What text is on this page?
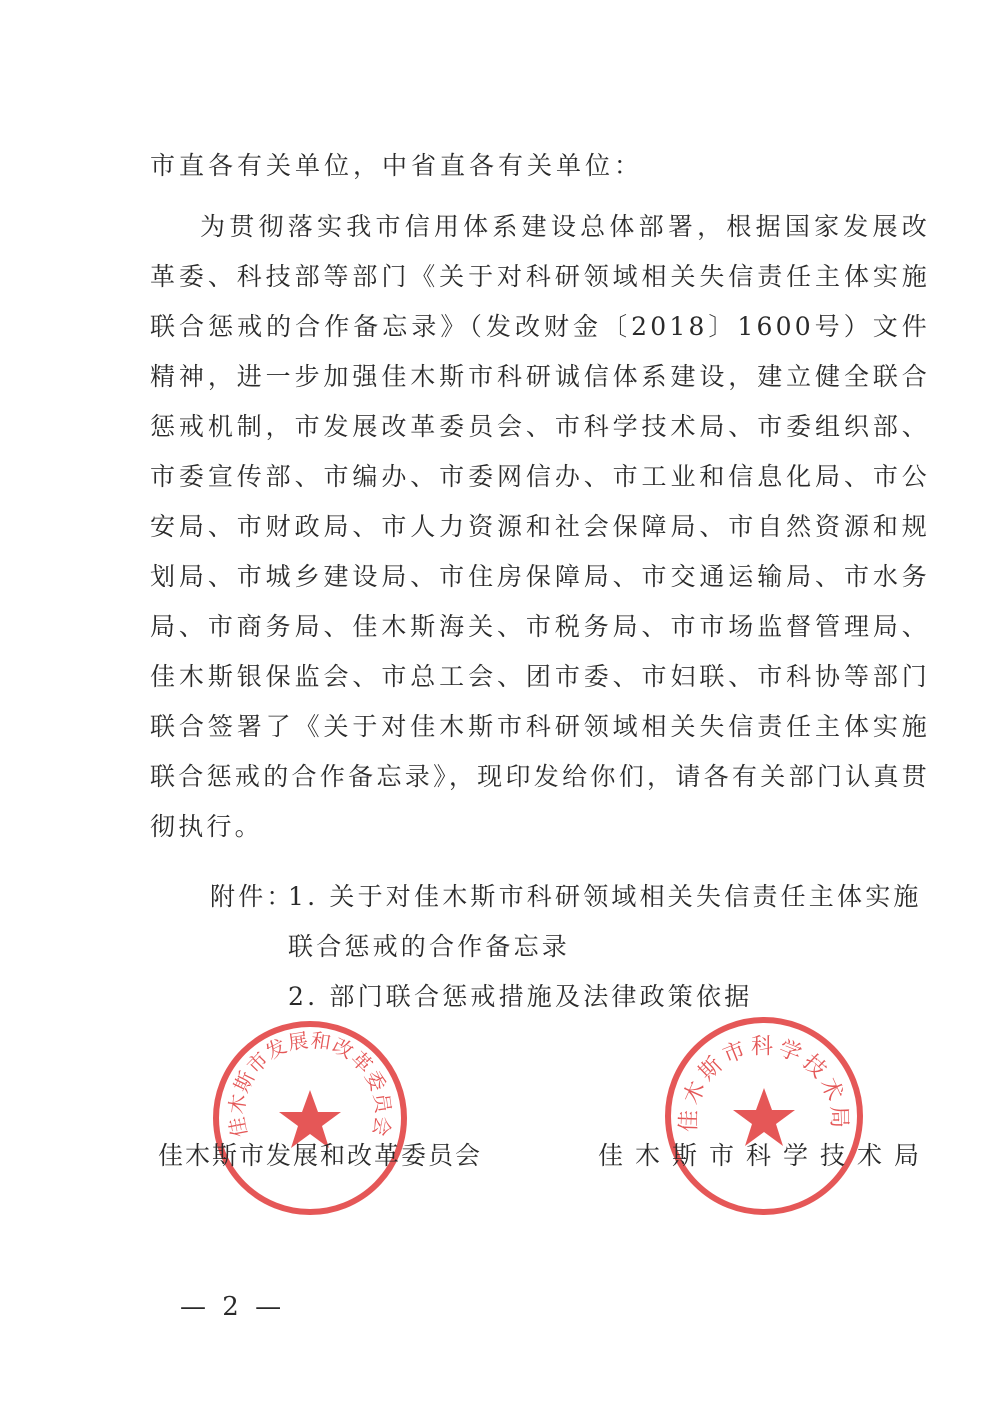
市直各有关单位，中省直各有关单位：

为贯彻落实我市信用体系建设总体部署，根据国家发展改革委、科技部等部门《关于对科研领域相关失信责任主体实施联合惩戒的合作备忘录》（发改财金〔2018〕1600号）文件精神，进一步加强佳木斯市科研诚信体系建设，建立健全联合惩戒机制，市发展改革委员会、市科学技术局、市委组织部、市委宣传部、市编办、市委网信办、市工业和信息化局、市公安局、市财政局、市人力资源和社会保障局、市自然资源和规划局、市城乡建设局、市住房保障局、市交通运输局、市水务局、市商务局、佳木斯海关、市税务局、市市场监督管理局、佳木斯银保监会、市总工会、团市委、市妇联、市科协等部门联合签署了《关于对佳木斯市科研领域相关失信责任主体实施联合惩戒的合作备忘录》，现印发给你们，请各有关部门认真贯彻执行。

附件：
1. 关于对佳木斯市科研领域相关失信责任主体实施联合惩戒的合作备忘录
2. 部门联合惩戒措施及法律政策依据
佳木斯市发展和改革委员会	佳木斯市科学技术局
佳木斯市发展和改革委员会	佳木斯市科学技术局
— 2 —
